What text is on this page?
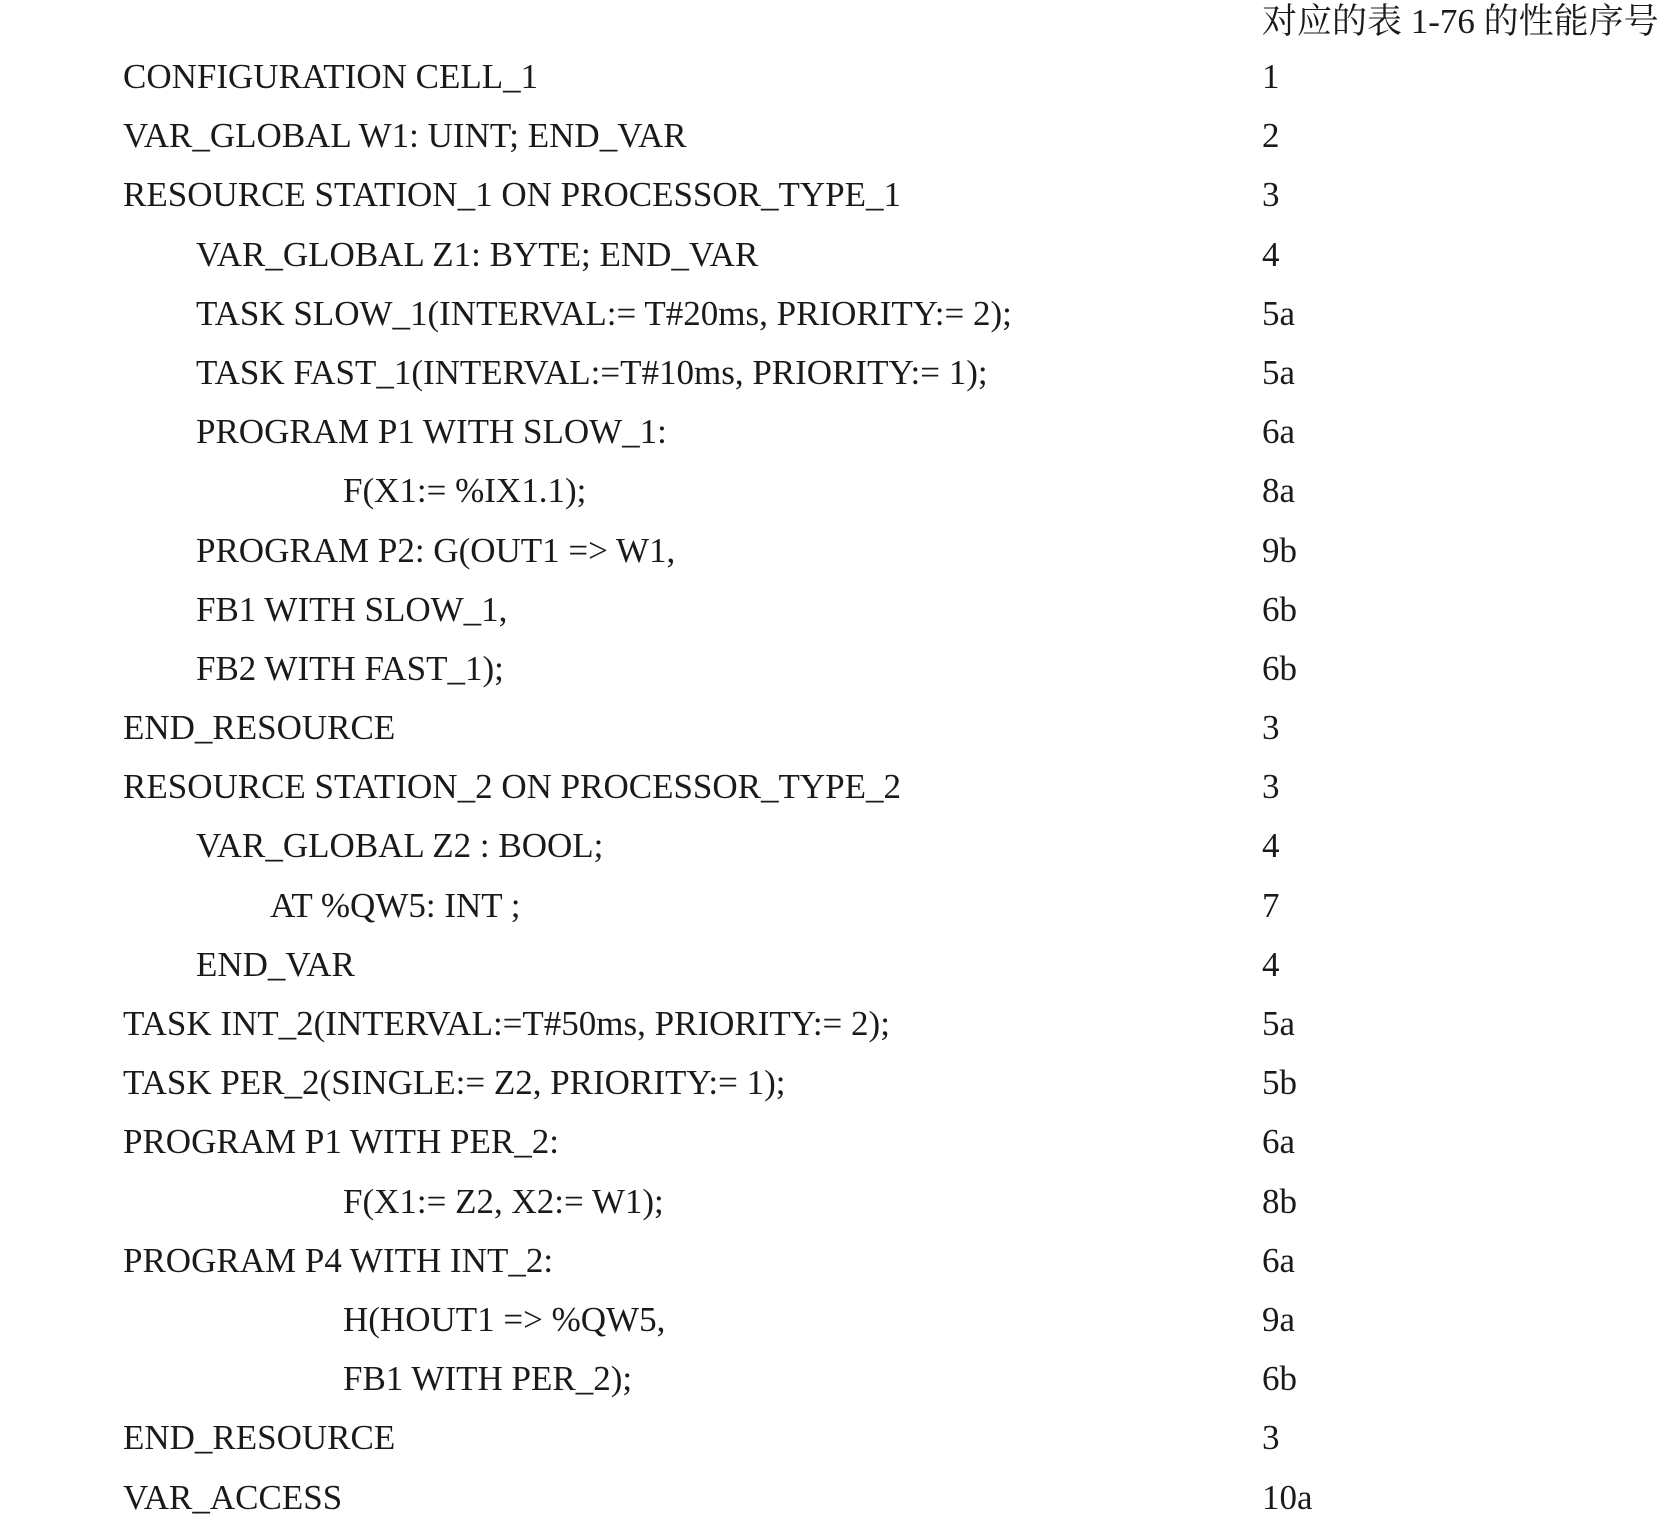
对应的表 1-76 的性能序号
CONFIGURATION CELL_1	1
VAR_GLOBAL W1: UINT; END_VAR	2
RESOURCE STATION_1 ON PROCESSOR_TYPE_1	3
VAR_GLOBAL Z1: BYTE; END_VAR	4
TASK SLOW_1(INTERVAL:= T#20ms, PRIORITY:= 2);	5a
TASK FAST_1(INTERVAL:=T#10ms, PRIORITY:= 1);	5a
PROGRAM P1 WITH SLOW_1:	6a
F(X1:= %IX1.1);	8a
PROGRAM P2: G(OUT1 => W1,	9b
FB1 WITH SLOW_1,	6b
FB2 WITH FAST_1);	6b
END_RESOURCE	3
RESOURCE STATION_2 ON PROCESSOR_TYPE_2	3
VAR_GLOBAL Z2 : BOOL;	4
AT %QW5: INT ;	7
END_VAR	4
TASK INT_2(INTERVAL:=T#50ms, PRIORITY:= 2);	5a
TASK PER_2(SINGLE:= Z2, PRIORITY:= 1);	5b
PROGRAM P1 WITH PER_2:	6a
F(X1:= Z2, X2:= W1);	8b
PROGRAM P4 WITH INT_2:	6a
H(HOUT1 => %QW5,	9a
FB1 WITH PER_2);	6b
END_RESOURCE	3
VAR_ACCESS	10a
